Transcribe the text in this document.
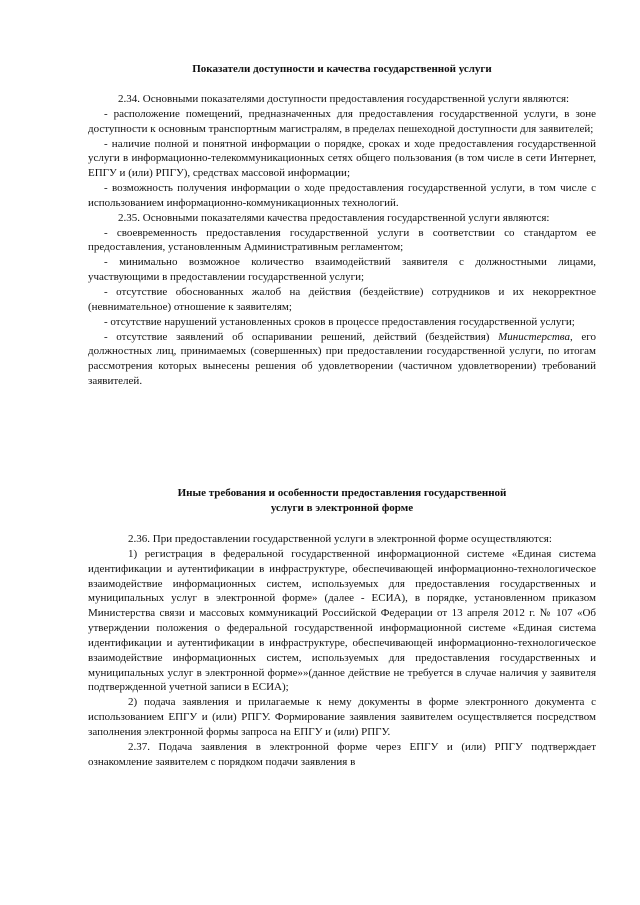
Показатели доступности и качества государственной услуги

2.34. Основными показателями доступности предоставления государственной услуги являются:

- расположение помещений, предназначенных для предоставления государственной услуги, в зоне доступности к основным транспортным магистралям, в пределах пешеходной доступности для заявителей;

- наличие полной и понятной информации о порядке, сроках и ходе предоставления государственной услуги в информационно-телекоммуникационных сетях общего пользования (в том числе в сети Интернет, ЕПГУ и (или) РПГУ), средствах массовой информации;

- возможность получения информации о ходе предоставления государственной услуги, в том числе с использованием информационно-коммуникационных технологий.

2.35. Основными показателями качества предоставления государственной услуги являются:

- своевременность предоставления государственной услуги в соответствии со стандартом ее предоставления, установленным Административным регламентом;

- минимально возможное количество взаимодействий заявителя с должностными лицами, участвующими в предоставлении государственной услуги;

- отсутствие обоснованных жалоб на действия (бездействие) сотрудников и их некорректное (невнимательное) отношение к заявителям;

- отсутствие нарушений установленных сроков в процессе предоставления государственной услуги;

- отсутствие заявлений об оспаривании решений, действий (бездействия) Министерства, его должностных лиц, принимаемых (совершенных) при предоставлении государственной услуги, по итогам рассмотрения которых вынесены решения об удовлетворении (частичном удовлетворении) требований заявителей.

Иные требования и особенности предоставления государственной
услуги в электронной форме

2.36. При предоставлении государственной услуги в электронной форме осуществляются:

1) регистрация в федеральной государственной информационной системе «Единая система идентификации и аутентификации в инфраструктуре, обеспечивающей информационно-технологическое взаимодействие информационных систем, используемых для предоставления государственных и муниципальных услуг в электронной форме» (далее - ЕСИА), в порядке, установленном приказом Министерства связи и массовых коммуникаций Российской Федерации от 13 апреля 2012 г. № 107 «Об утверждении положения о федеральной государственной информационной системе «Единая система идентификации и аутентификации в инфраструктуре, обеспечивающей информационно-технологическое взаимодействие информационных систем, используемых для предоставления государственных и муниципальных услуг в электронной форме»»(данное действие не требуется в случае наличия у заявителя подтвержденной учетной записи в ЕСИА);

2) подача заявления и прилагаемые к нему документы в форме электронного документа с использованием ЕПГУ и (или) РПГУ. Формирование заявления заявителем осуществляется посредством заполнения электронной формы запроса на ЕПГУ и (или) РПГУ.

2.37. Подача заявления в электронной форме через ЕПГУ и (или) РПГУ подтверждает ознакомление заявителем с порядком подачи заявления в
